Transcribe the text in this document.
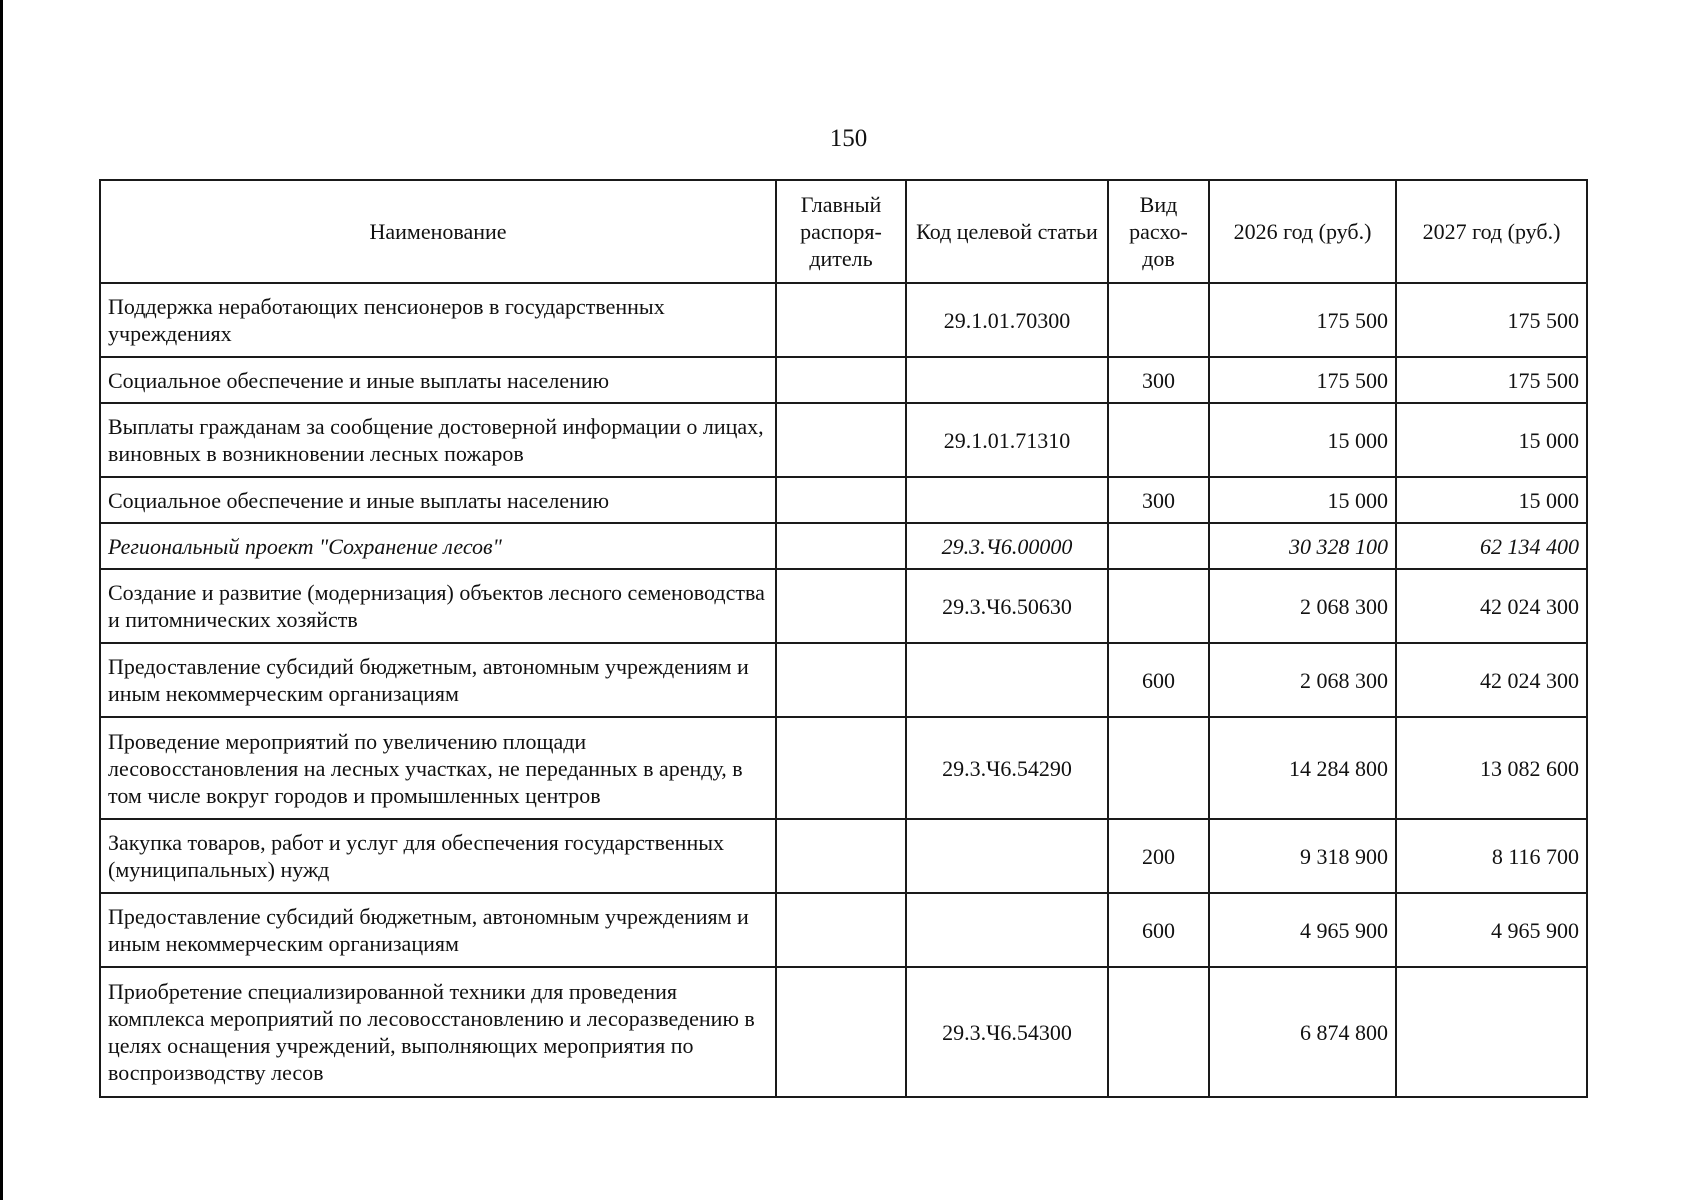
150
Наименование	Главный распоря-дитель	Код целевой статьи	Вид расхо-дов	2026 год (руб.)	2027 год (руб.)
Поддержка неработающих пенсионеров в государственных учреждениях		29.1.01.70300		175 500	175 500
Социальное обеспечение и иные выплаты населению			300	175 500	175 500
Выплаты гражданам за сообщение достоверной информации о лицах, виновных в возникновении лесных пожаров		29.1.01.71310		15 000	15 000
Социальное обеспечение и иные выплаты населению			300	15 000	15 000
Региональный проект "Сохранение лесов"		29.3.Ч6.00000		30 328 100	62 134 400
Создание и развитие (модернизация) объектов лесного семеноводства и питомнических хозяйств		29.3.Ч6.50630		2 068 300	42 024 300
Предоставление субсидий бюджетным, автономным учреждениям и иным некоммерческим организациям			600	2 068 300	42 024 300
Проведение мероприятий по увеличению площади лесовосстановления на лесных участках, не переданных в аренду, в том числе вокруг городов и промышленных центров		29.3.Ч6.54290		14 284 800	13 082 600
Закупка товаров, работ и услуг для обеспечения государственных (муниципальных) нужд			200	9 318 900	8 116 700
Предоставление субсидий бюджетным, автономным учреждениям и иным некоммерческим организациям			600	4 965 900	4 965 900
Приобретение специализированной техники для проведения комплекса мероприятий по лесовосстановлению и лесоразведению в целях оснащения учреждений, выполняющих мероприятия по воспроизводству лесов		29.3.Ч6.54300		6 874 800	
